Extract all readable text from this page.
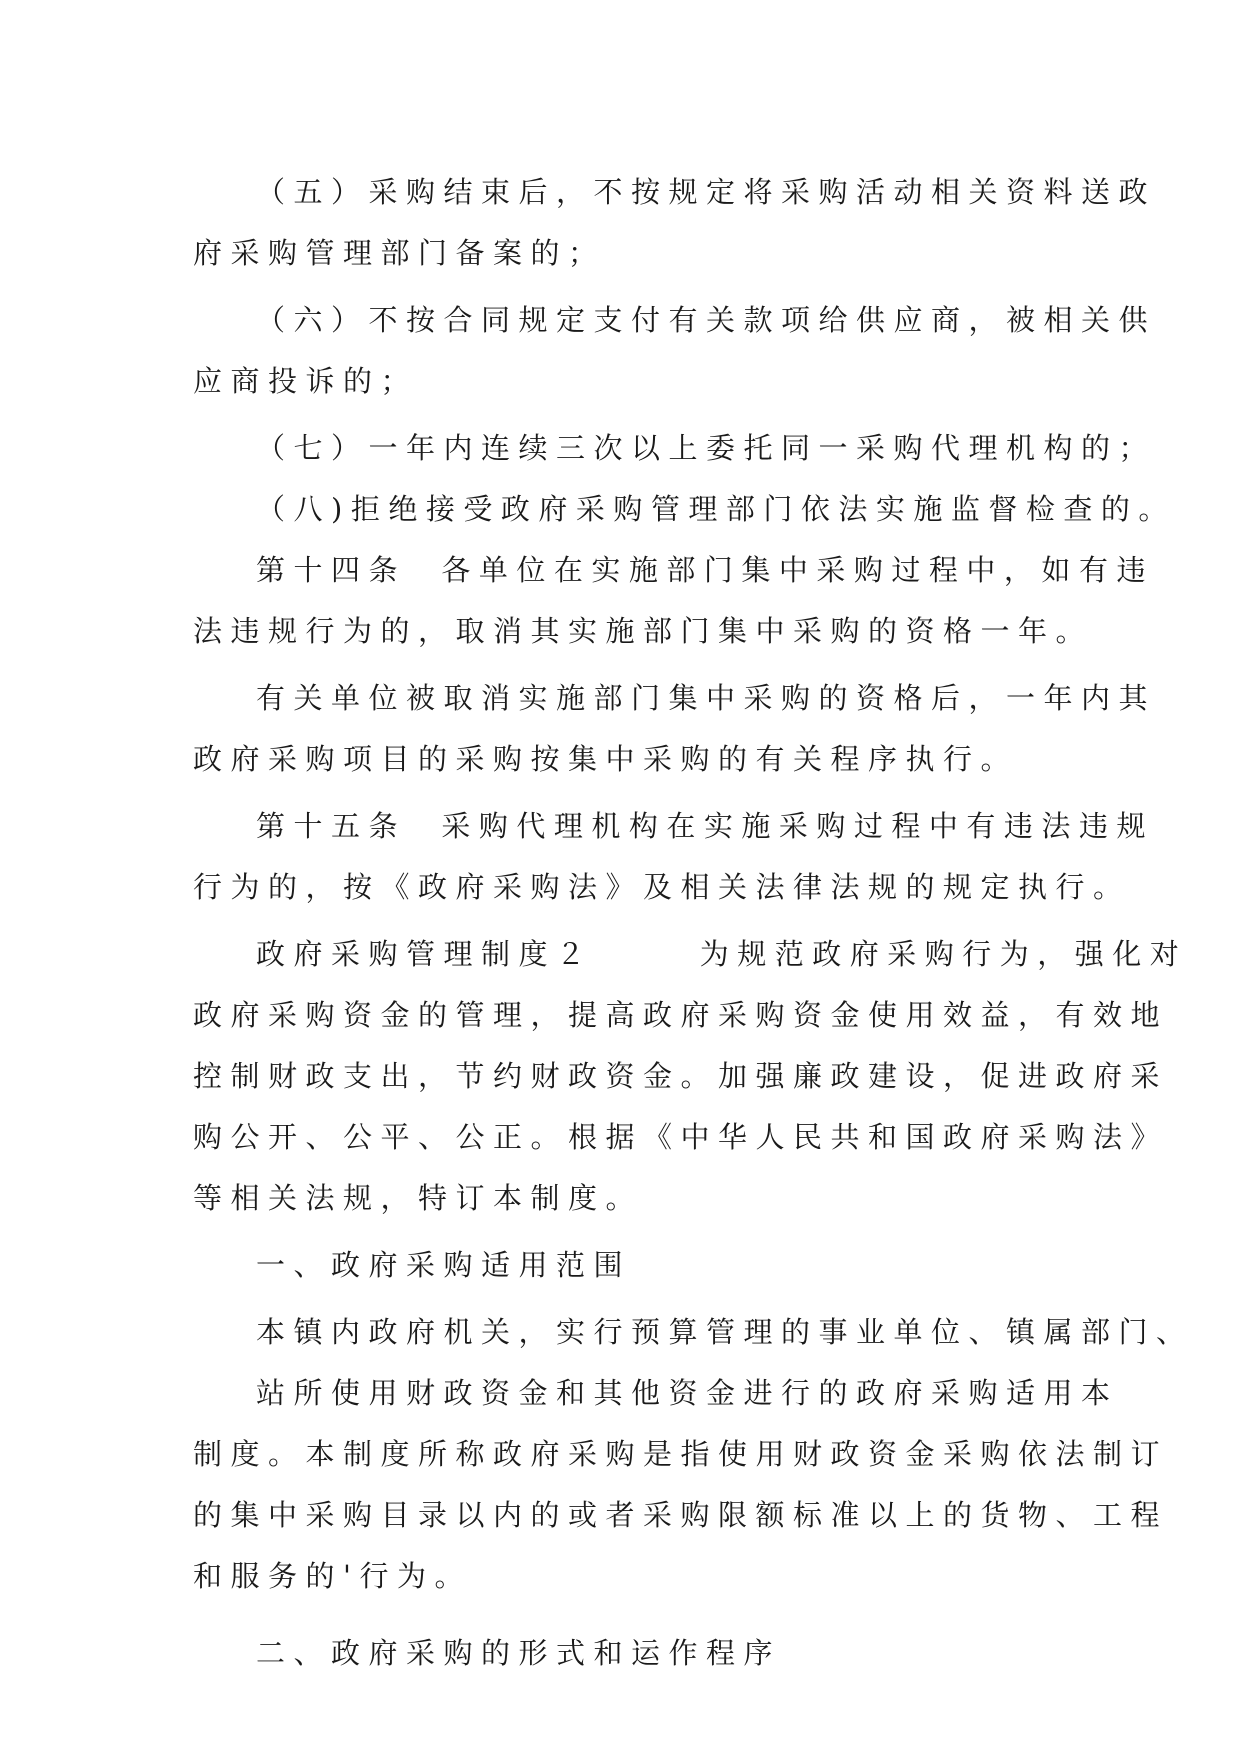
（五）采购结束后，不按规定将采购活动相关资料送政
府采购管理部门备案的；
（六）不按合同规定支付有关款项给供应商，被相关供
应商投诉的；
（七）一年内连续三次以上委托同一采购代理机构的；
（八)拒绝接受政府采购管理部门依法实施监督检查的。
第十四条  各单位在实施部门集中采购过程中，如有违
法违规行为的，取消其实施部门集中采购的资格一年。
有关单位被取消实施部门集中采购的资格后，一年内其
政府采购项目的采购按集中采购的有关程序执行。
第十五条  采购代理机构在实施采购过程中有违法违规
行为的，按《政府采购法》及相关法律法规的规定执行。
政府采购管理制度２      为规范政府采购行为，强化对
政府采购资金的管理，提高政府采购资金使用效益，有效地
控制财政支出，节约财政资金。加强廉政建设，促进政府采
购公开、公平、公正。根据《中华人民共和国政府采购法》
等相关法规，特订本制度。
一、政府采购适用范围
本镇内政府机关，实行预算管理的事业单位、镇属部门、
站所使用财政资金和其他资金进行的政府采购适用本
制度。本制度所称政府采购是指使用财政资金采购依法制订
的集中采购目录以内的或者采购限额标准以上的货物、工程
和服务的'行为。
二、政府采购的形式和运作程序
